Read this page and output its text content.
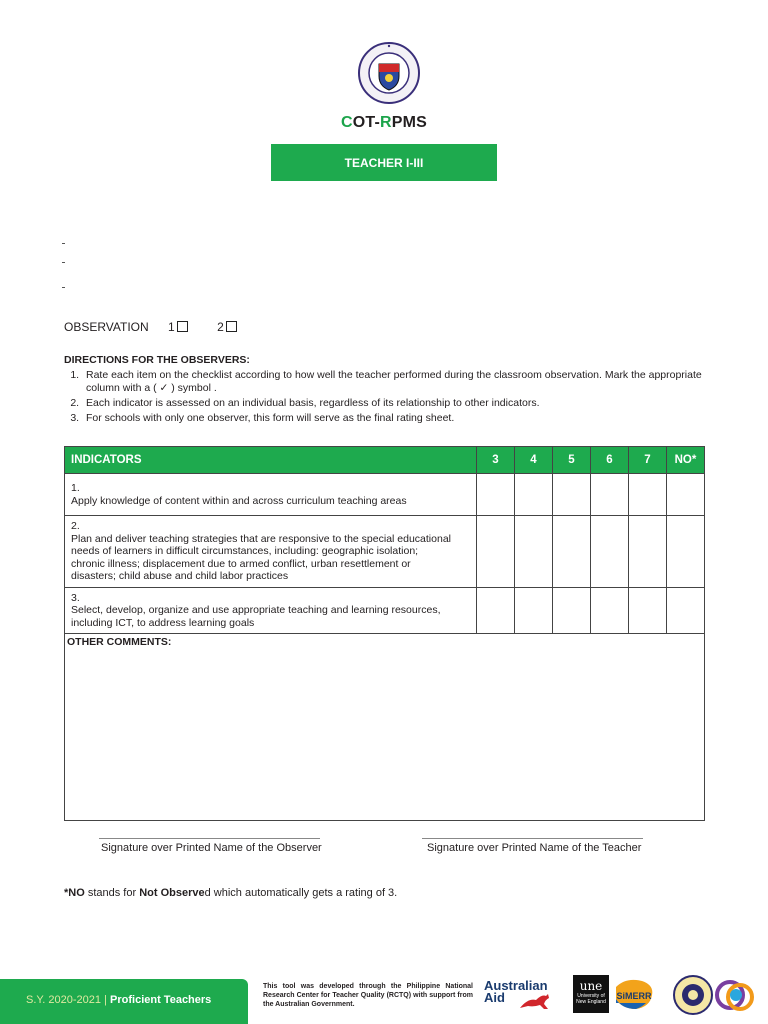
COT-RPMS
TEACHER I-III
OBSERVATION 1	2
DIRECTIONS FOR THE OBSERVERS:
1. Rate each item on the checklist according to how well the teacher performed during the classroom observation. Mark the appropriate column with a ( ✓ ) symbol .
2. Each indicator is assessed on an individual basis, regardless of its relationship to other indicators.
3. For schools with only one observer, this form will serve as the final rating sheet.
INDICATORS	3	4	5	6	7	NO*
1.Apply knowledge of content within and across curriculum teaching areas						
2.Plan and deliver teaching strategies that are responsive to the special educational needs of learners in difficult circumstances, including: geographic isolation; chronic illness; displacement due to armed conflict, urban resettlement or disasters; child abuse and child labor practices						
3.Select, develop, organize and use appropriate teaching and learning resources, including ICT, to address learning goals						
OTHER COMMENTS:						
Signature over Printed Name of the Observer	Signature over Printed Name of the Teacher
*NO stands for Not Observed which automatically gets a rating of 3.
S.Y. 2020-2021 | Proficient Teachers
This tool was developed through the Philippine National Research Center for Teacher Quality (RCTQ) with support from the Australian Government.
Australian
Aid
une
University of New England
SiMERR
